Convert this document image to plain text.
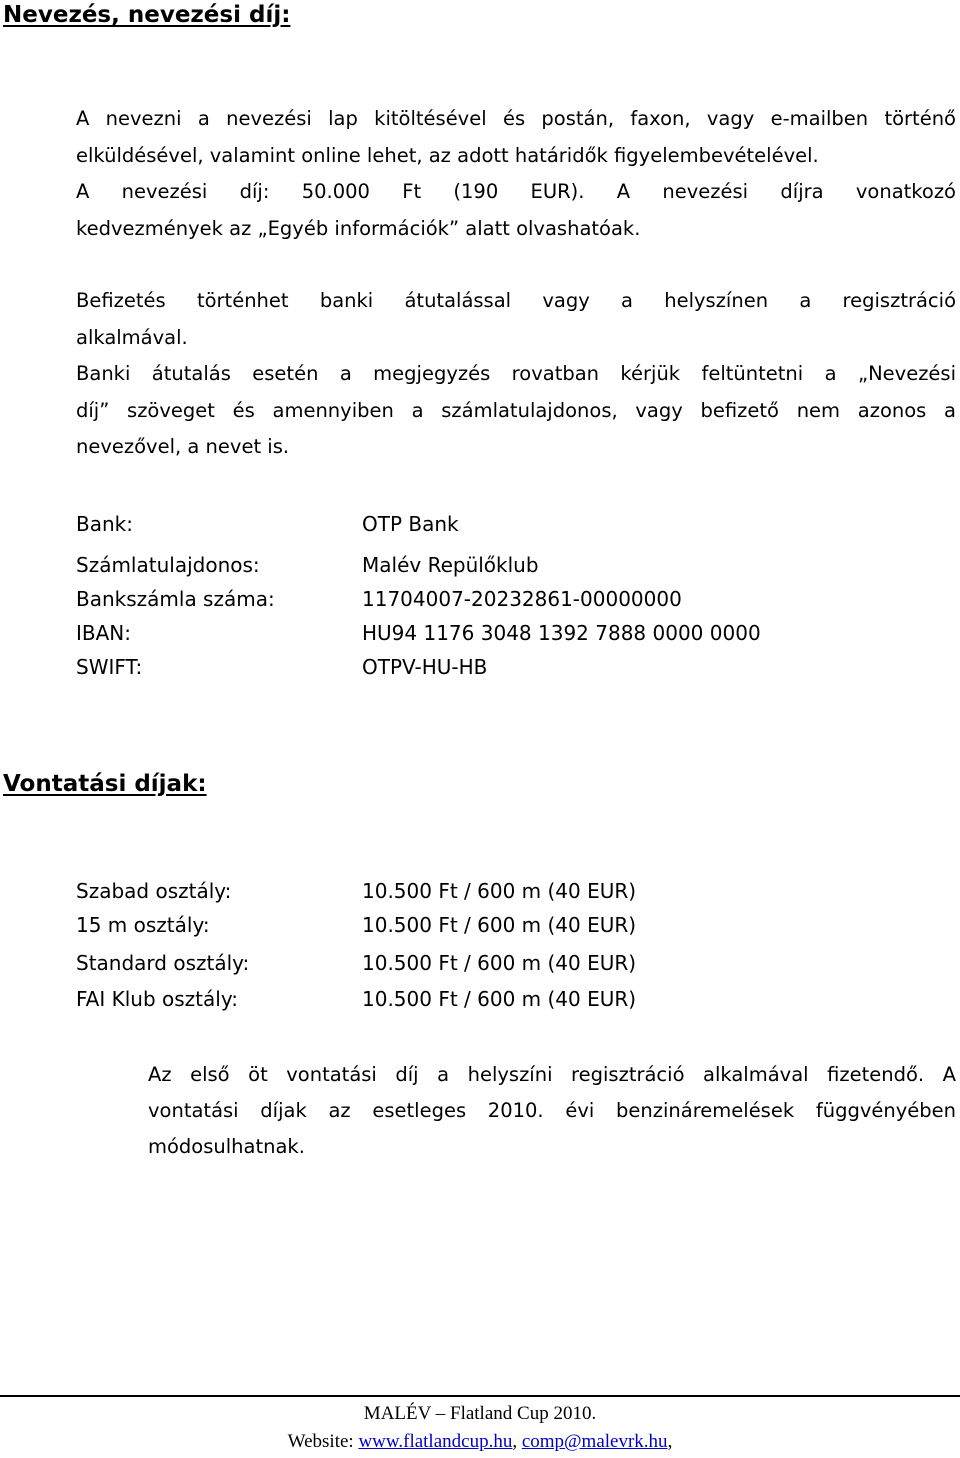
Nevezés, nevezési díj:
A nevezni a nevezési lap kitöltésével és postán, faxon, vagy e-mailben történő
elküldésével, valamint online lehet, az adott határidők figyelembevételével.
A nevezési díj: 50.000 Ft (190 EUR). A nevezési díjra vonatkozó
kedvezmények az „Egyéb információk” alatt olvashatóak.
Befizetés történhet banki átutalással vagy a helyszínen a regisztráció
alkalmával.
Banki átutalás esetén a megjegyzés rovatban kérjük feltüntetni a „Nevezési
díj” szöveget és amennyiben a számlatulajdonos, vagy befizető nem azonos a
nevezővel, a nevet is.
Bank:	OTP Bank
Számlatulajdonos:	Malév Repülőklub
Bankszámla száma:	11704007-20232861-00000000
IBAN:	HU94 1176 3048 1392 7888 0000 0000
SWIFT:	OTPV-HU-HB
Vontatási díjak:
Szabad osztály:	10.500 Ft / 600 m (40 EUR)
15 m osztály:	10.500 Ft / 600 m (40 EUR)
Standard osztály:	10.500 Ft / 600 m (40 EUR)
FAI Klub osztály:	10.500 Ft / 600 m (40 EUR)
Az első öt vontatási díj a helyszíni regisztráció alkalmával fizetendő. A
vontatási díjak az esetleges 2010. évi benzináremelések függvényében
módosulhatnak.
MALÉV – Flatland Cup 2010.
Website: www.flatlandcup.hu, comp@malevrk.hu,
